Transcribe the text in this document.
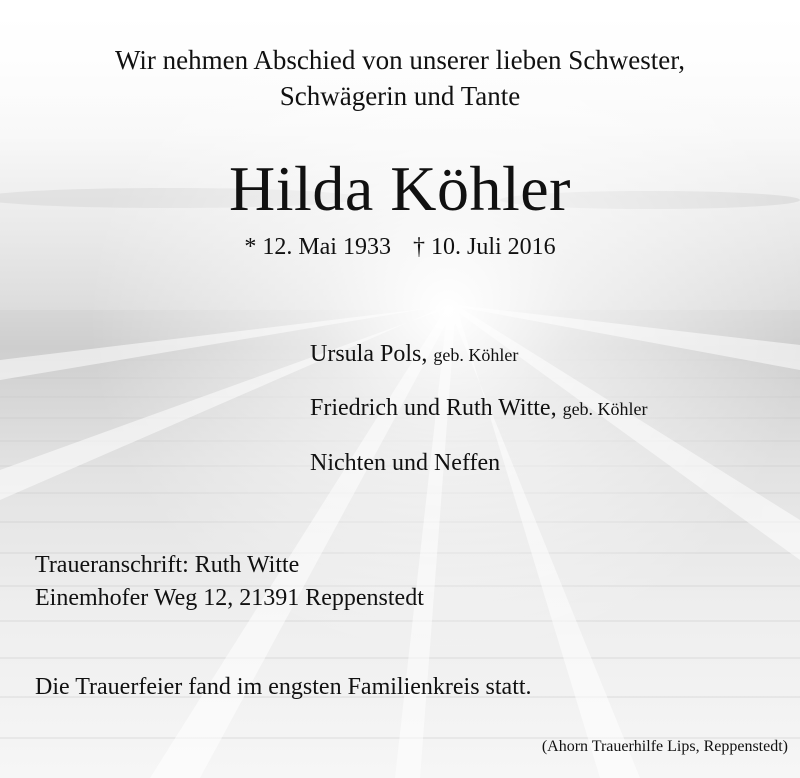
Wir nehmen Abschied von unserer lieben Schwester,
Schwägerin und Tante
Hilda Köhler
* 12. Mai 1933 † 10. Juli 2016
Ursula Pols, geb. Köhler
Friedrich und Ruth Witte, geb. Köhler
Nichten und Neffen
Traueranschrift: Ruth Witte
Einemhofer Weg 12, 21391 Reppenstedt
Die Trauerfeier fand im engsten Familienkreis statt.
(Ahorn Trauerhilfe Lips, Reppenstedt)
